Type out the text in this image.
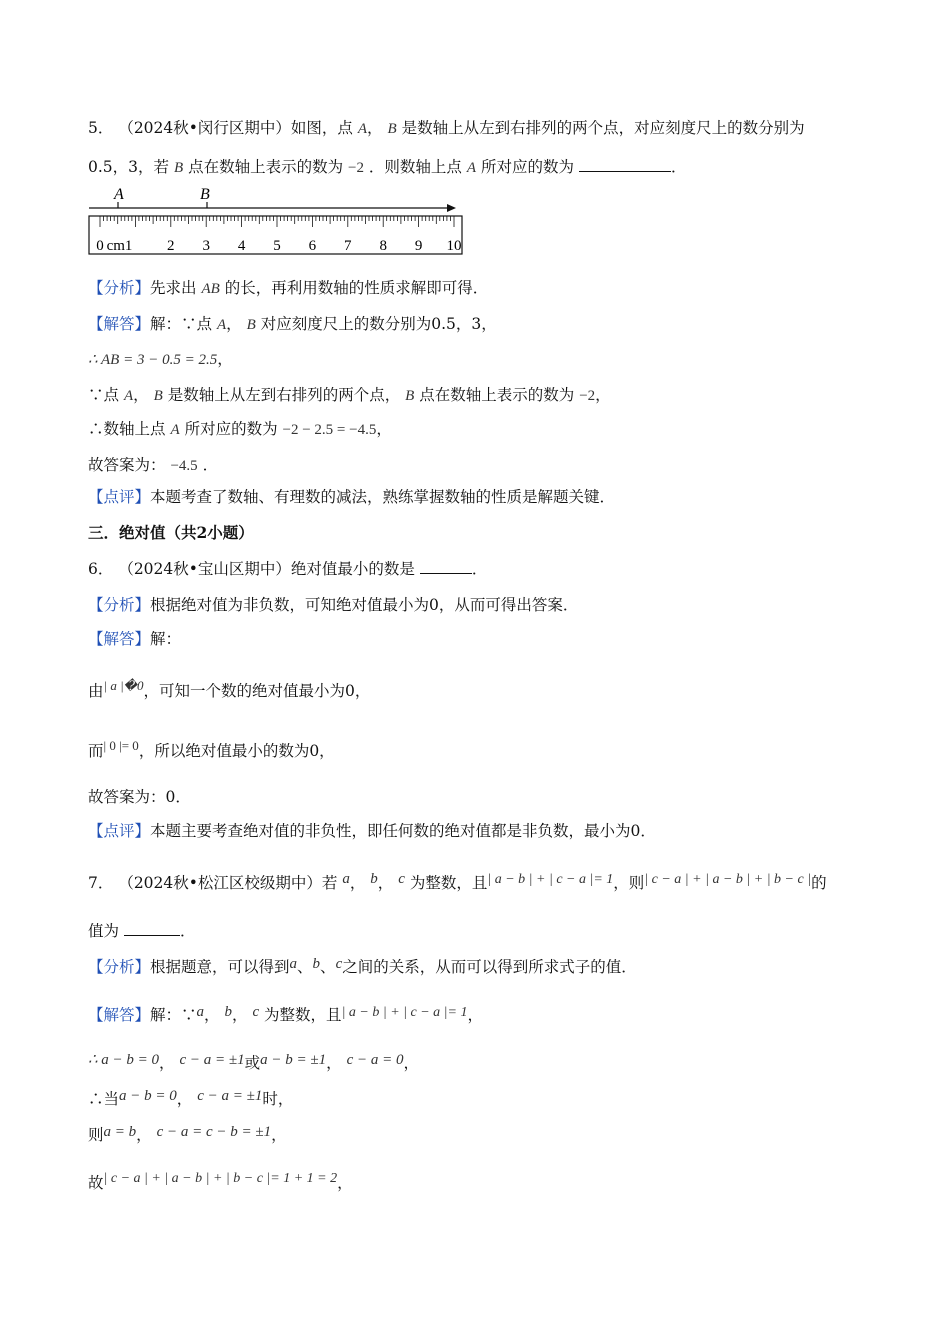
5． （2024秋•闵行区期中）如图，点 A， B 是数轴上从左到右排列的两个点，对应刻度尺上的数分别为
0.5，3，若 B 点在数轴上表示的数为 −2 ．则数轴上点 A 所对应的数为	．
A	B
0 cm1 2 3 4 5 6 7 8 9 10
【分析】先求出 AB 的长，再利用数轴的性质求解即可得．
【解答】解：∵点 A， B 对应刻度尺上的数分别为0.5，3，
∴ AB = 3 − 0.5 = 2.5，
∵点 A， B 是数轴上从左到右排列的两个点， B 点在数轴上表示的数为 −2，
∴数轴上点 A 所对应的数为 −2 − 2.5 = −4.5，
故答案为： −4.5 ．
【点评】本题考查了数轴、有理数的减法，熟练掌握数轴的性质是解题关键．
三．绝对值（共2小题）
6． （2024秋•宝山区期中）绝对值最小的数是	．
【分析】根据绝对值为非负数，可知绝对值最小为0，从而可得出答案．
【解答】解：
由$^{| a |�0}$，可知一个数的绝对值最小为0，
而$^{| 0 |= 0}$，所以绝对值最小的数为0，
故答案为：0．
【点评】本题主要考查绝对值的非负性，即任何数的绝对值都是非负数，最小为0．
7． （2024秋•松江区校级期中）若 a， b， c 为整数，且| a − b | + | c − a |= 1，则| c − a | + | a − b | + | b − c |的
值为	．
【分析】根据题意，可以得到a、b、c之间的关系，从而可以得到所求式子的值．
【解答】解：∵a， b， c 为整数，且| a − b | + | c − a |= 1，
∴ a − b = 0， c − a = ±1或a − b = ±1， c − a = 0，
∴当a − b = 0， c − a = ±1时，
则a = b， c − a = c − b = ±1，
故| c − a | + | a − b | + | b − c |= 1 + 1 = 2，
